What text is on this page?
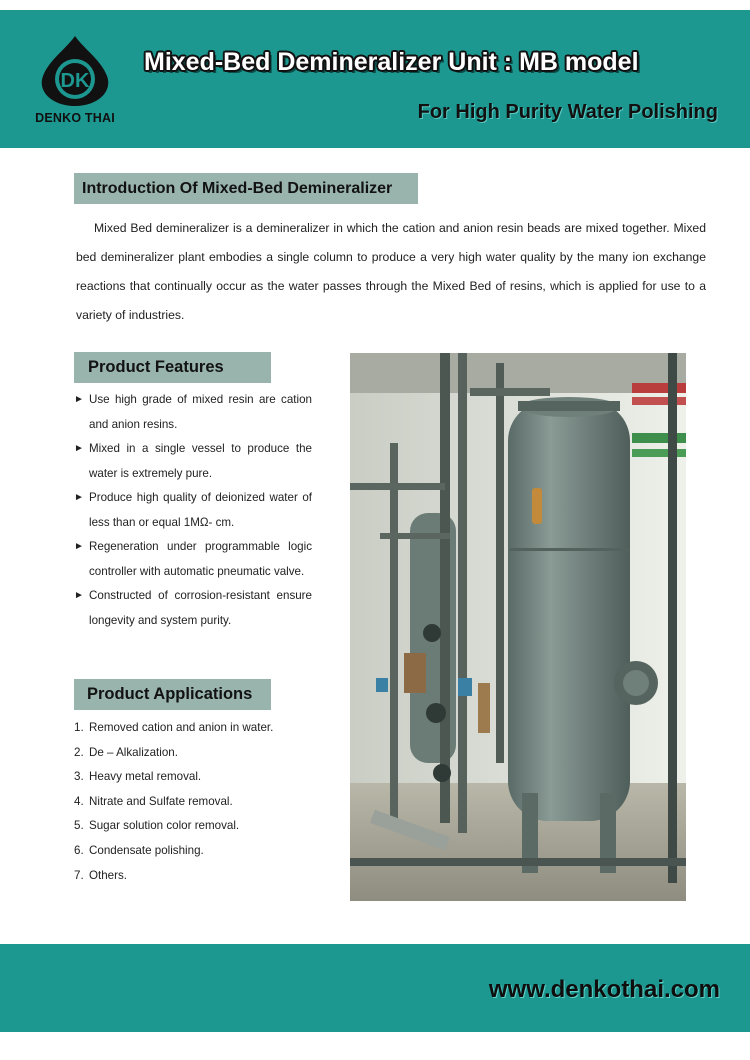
DK
DENKO THAI
Mixed-Bed Demineralizer Unit : MB model
For High Purity Water Polishing
Introduction Of Mixed-Bed Demineralizer
Mixed Bed demineralizer is a demineralizer in which the cation and anion resin beads are mixed together. Mixed bed demineralizer plant embodies a single column to produce a very high water quality by the many ion exchange reactions that continually occur as the water passes through the Mixed Bed of resins, which is applied for use to a variety of industries.
Product Features
► Use high grade of mixed resin are cation and anion resins.
► Mixed in a single vessel to produce the water is extremely pure.
► Produce high quality of deionized water of less than or equal 1MΩ- cm.
► Regeneration under programmable logic controller with automatic pneumatic valve.
► Constructed of corrosion-resistant ensure longevity and system purity.
Product Applications
1. Removed cation and anion in water.
2. De – Alkalization.
3. Heavy metal removal.
4. Nitrate and Sulfate removal.
5. Sugar solution color removal.
6. Condensate polishing.
7. Others.
www.denkothai.com
